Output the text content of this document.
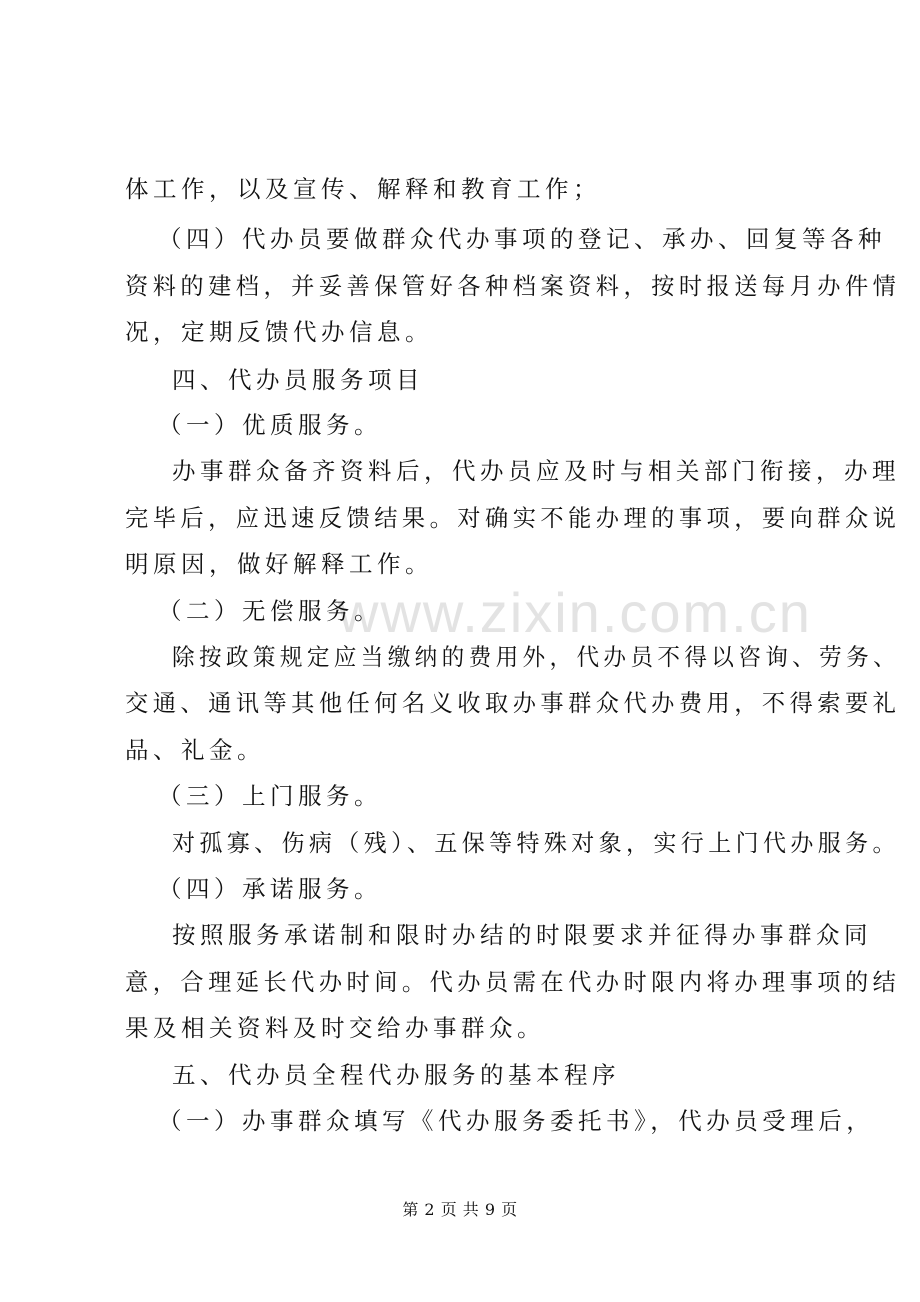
www.zixin.com.cn
体工作，以及宣传、解释和教育工作；
（四）代办员要做群众代办事项的登记、承办、回复等各种
资料的建档，并妥善保管好各种档案资料，按时报送每月办件情
况，定期反馈代办信息。
四、代办员服务项目
（一）优质服务。
办事群众备齐资料后，代办员应及时与相关部门衔接，办理
完毕后，应迅速反馈结果。对确实不能办理的事项，要向群众说
明原因，做好解释工作。
（二）无偿服务。
除按政策规定应当缴纳的费用外，代办员不得以咨询、劳务、
交通、通讯等其他任何名义收取办事群众代办费用，不得索要礼
品、礼金。
（三）上门服务。
对孤寡、伤病（残）、五保等特殊对象，实行上门代办服务。
（四）承诺服务。
按照服务承诺制和限时办结的时限要求并征得办事群众同
意，合理延长代办时间。代办员需在代办时限内将办理事项的结
果及相关资料及时交给办事群众。
五、代办员全程代办服务的基本程序
（一）办事群众填写《代办服务委托书》，代办员受理后，
第 2 页 共 9 页
